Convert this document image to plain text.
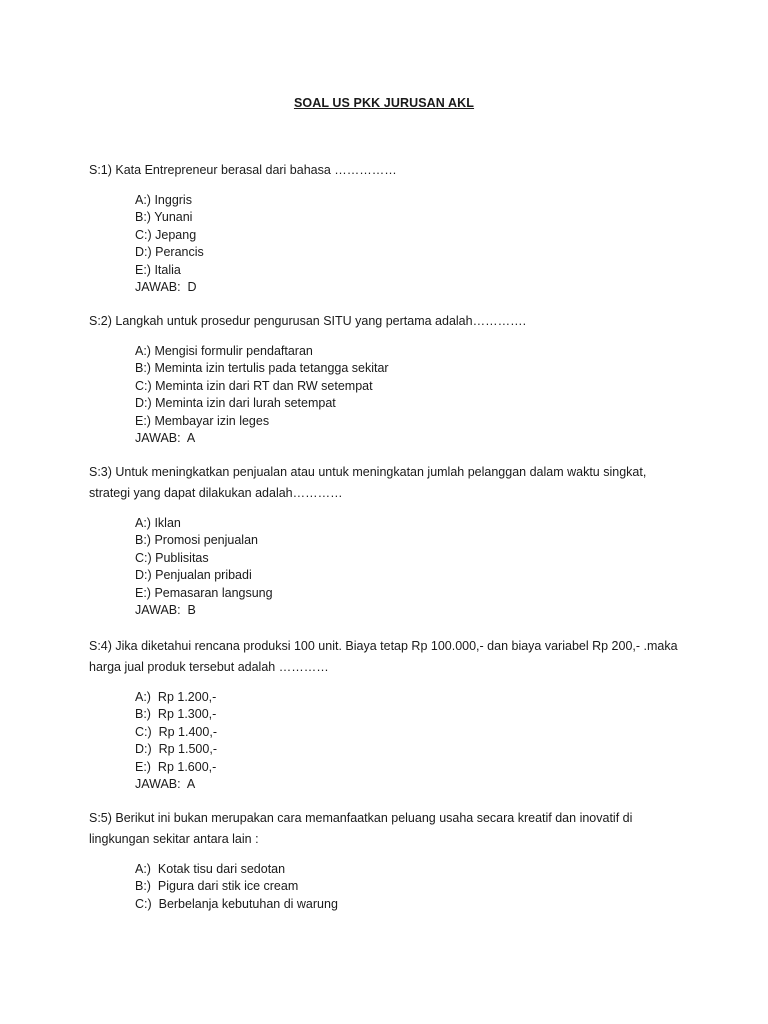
SOAL US PKK JURUSAN AKL

S:1) Kata Entrepreneur berasal dari bahasa ……………

A:) Inggris
B:) Yunani
C:) Jepang
D:) Perancis
E:) Italia
JAWAB:  D

S:2) Langkah untuk prosedur pengurusan SITU yang pertama adalah………….

A:) Mengisi formulir pendaftaran
B:) Meminta izin tertulis pada tetangga sekitar
C:) Meminta izin dari RT dan RW setempat
D:) Meminta izin dari lurah setempat
E:) Membayar izin leges
JAWAB:  A

S:3) Untuk meningkatkan penjualan atau untuk meningkatan jumlah pelanggan dalam waktu singkat,
strategi yang dapat dilakukan adalah…………

A:) Iklan
B:) Promosi penjualan
C:) Publisitas
D:) Penjualan pribadi
E:) Pemasaran langsung
JAWAB:  B

S:4) Jika diketahui rencana produksi 100 unit. Biaya tetap Rp 100.000,- dan biaya variabel Rp 200,- .maka
harga jual produk tersebut adalah …………

A:)  Rp 1.200,-
B:)  Rp 1.300,-
C:)  Rp 1.400,-
D:)  Rp 1.500,-
E:)  Rp 1.600,-
JAWAB:  A

S:5) Berikut ini bukan merupakan cara memanfaatkan peluang usaha secara kreatif dan inovatif di
lingkungan sekitar antara lain :

A:)  Kotak tisu dari sedotan
B:)  Pigura dari stik ice cream
C:)  Berbelanja kebutuhan di warung
